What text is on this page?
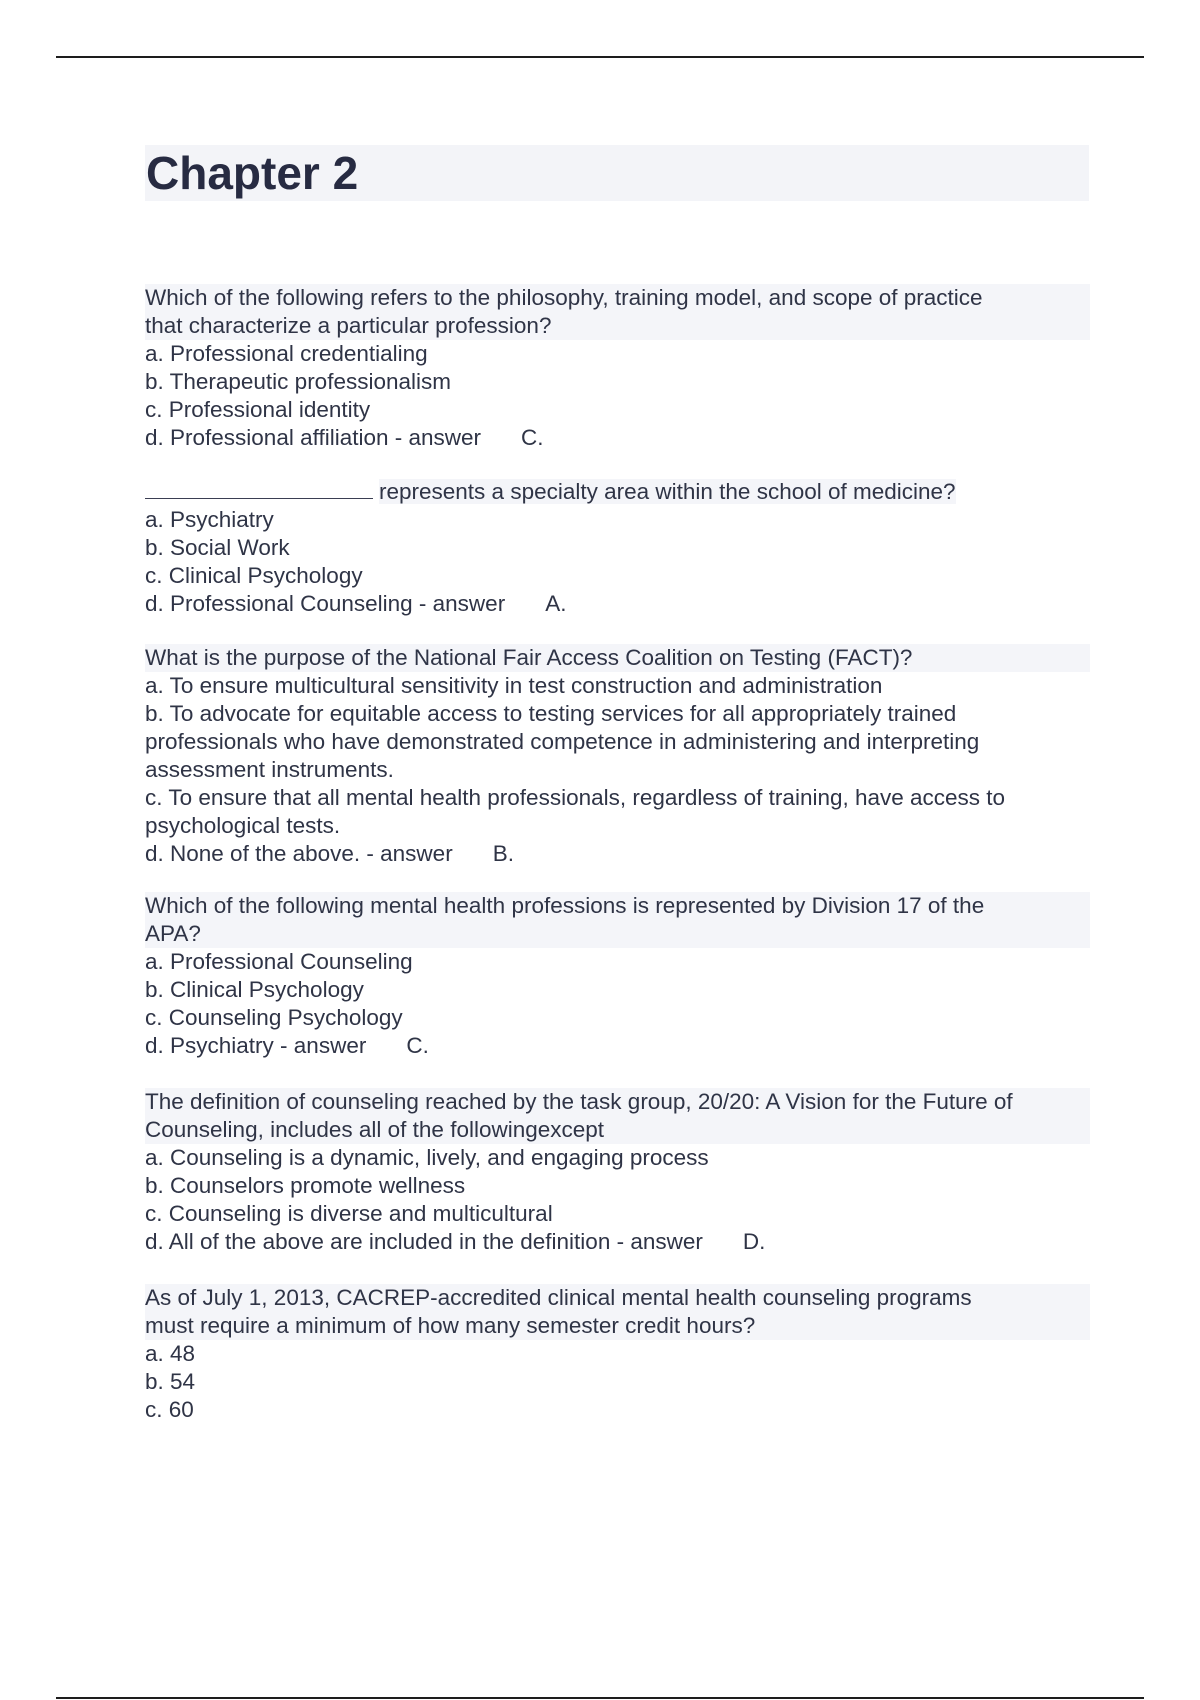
Chapter 2
Which of the following refers to the philosophy, training model, and scope of practice
that characterize a particular profession?
a. Professional credentialing
b. Therapeutic professionalism
c. Professional identity
d. Professional affiliation - answer C.
represents a specialty area within the school of medicine?
a. Psychiatry
b. Social Work
c. Clinical Psychology
d. Professional Counseling - answer A.
What is the purpose of the National Fair Access Coalition on Testing (FACT)?
a. To ensure multicultural sensitivity in test construction and administration
b. To advocate for equitable access to testing services for all appropriately trained
professionals who have demonstrated competence in administering and interpreting
assessment instruments.
c. To ensure that all mental health professionals, regardless of training, have access to
psychological tests.
d. None of the above. - answer B.
Which of the following mental health professions is represented by Division 17 of the
APA?
a. Professional Counseling
b. Clinical Psychology
c. Counseling Psychology
d. Psychiatry - answer C.
The definition of counseling reached by the task group, 20/20: A Vision for the Future of
Counseling, includes all of the followingexcept
a. Counseling is a dynamic, lively, and engaging process
b. Counselors promote wellness
c. Counseling is diverse and multicultural
d. All of the above are included in the definition - answer D.
As of July 1, 2013, CACREP-accredited clinical mental health counseling programs
must require a minimum of how many semester credit hours?
a. 48
b. 54
c. 60
